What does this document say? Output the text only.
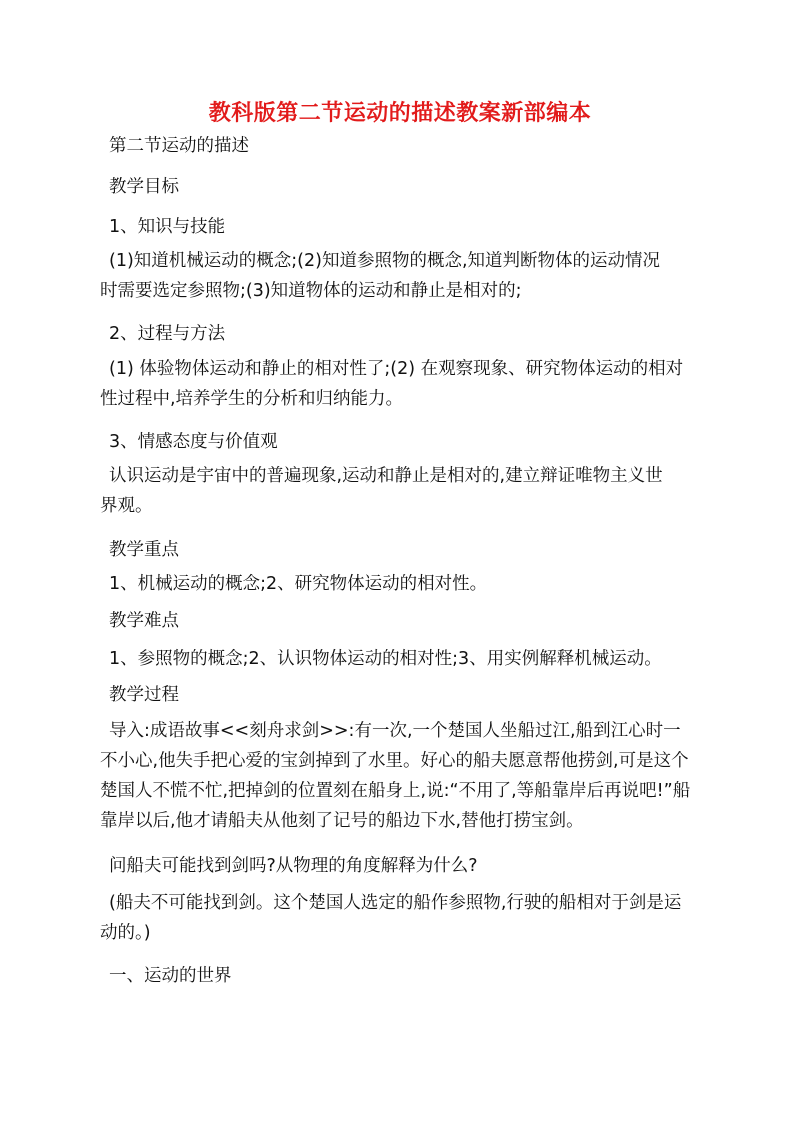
教科版第二节运动的描述教案新部编本

第二节运动的描述

教学目标

1、知识与技能

(1)知道机械运动的概念;(2)知道参照物的概念,知道判断物体的运动情况
时需要选定参照物;(3)知道物体的运动和静止是相对的;

2、过程与方法

(1) 体验物体运动和静止的相对性了;(2) 在观察现象、研究物体运动的相对
性过程中,培养学生的分析和归纳能力。

3、情感态度与价值观

认识运动是宇宙中的普遍现象,运动和静止是相对的,建立辩证唯物主义世
界观。

教学重点

1、机械运动的概念;2、研究物体运动的相对性。

教学难点

1、参照物的概念;2、认识物体运动的相对性;3、用实例解释机械运动。

教学过程

导入:成语故事<<刻舟求剑>>:有一次,一个楚国人坐船过江,船到江心时一
不小心,他失手把心爱的宝剑掉到了水里。好心的船夫愿意帮他捞剑,可是这个
楚国人不慌不忙,把掉剑的位置刻在船身上,说:“不用了,等船靠岸后再说吧!”船
靠岸以后,他才请船夫从他刻了记号的船边下水,替他打捞宝剑。

问船夫可能找到剑吗?从物理的角度解释为什么?

(船夫不可能找到剑。这个楚国人选定的船作参照物,行驶的船相对于剑是运
动的。)

一、运动的世界
